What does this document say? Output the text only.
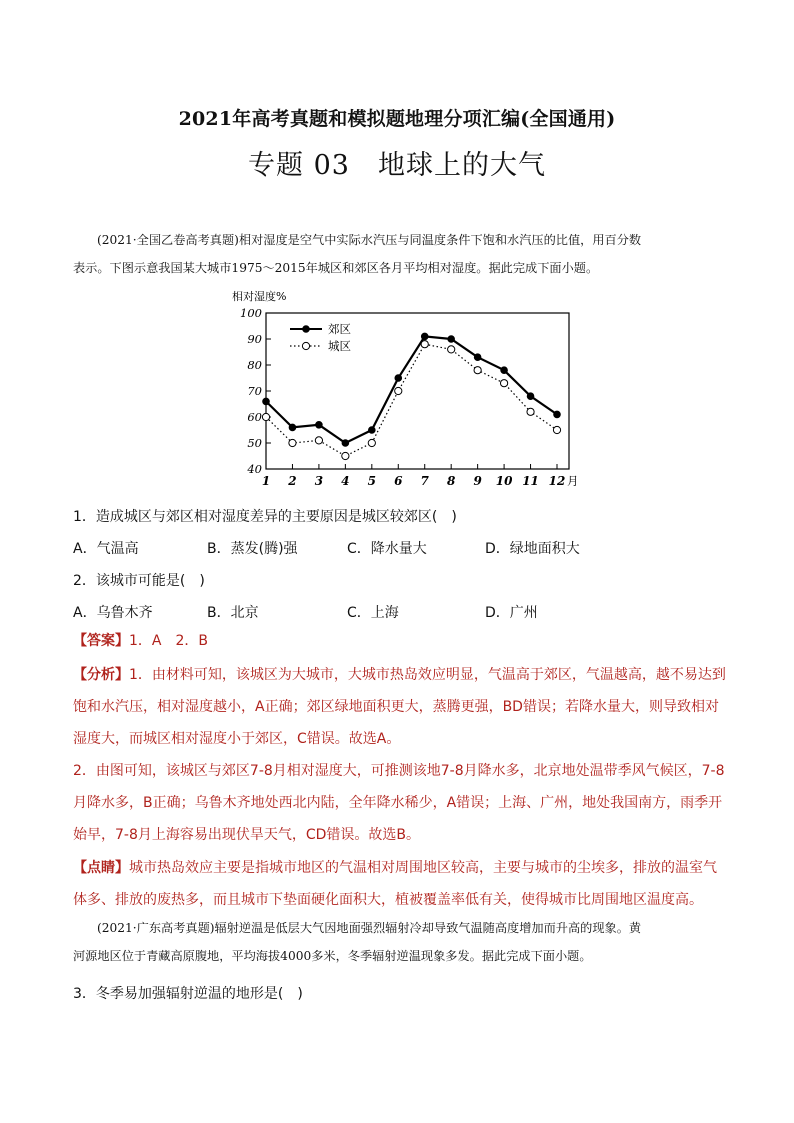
2021年高考真题和模拟题地理分项汇编(全国通用)
专题 03　 地球上的大气
(2021·全国乙卷高考真题)相对湿度是空气中实际水汽压与同温度条件下饱和水汽压的比值，用百分数
表示。下图示意我国某大城市1975～2015年城区和郊区各月平均相对湿度。据此完成下面小题。
相对湿度%
40
50
60
70
80
90
100
1 2 3 4 5 6 7 8 9 10 11 12 月
郊区
城区
1．造成城区与郊区相对湿度差异的主要原因是城区较郊区(　)
A．气温高	B．蒸发(腾)强	C．降水量大	D．绿地面积大
2．该城市可能是(　)
A．乌鲁木齐	B．北京	C．上海	D．广州
【答案】1．A　2．B
【分析】1．由材料可知，该城区为大城市，大城市热岛效应明显，气温高于郊区，气温越高，越不易达到
饱和水汽压，相对湿度越小，A正确；郊区绿地面积更大，蒸腾更强，BD错误；若降水量大，则导致相对
湿度大，而城区相对湿度小于郊区，C错误。故选A。
2．由图可知，该城区与郊区7-8月相对湿度大，可推测该地7-8月降水多，北京地处温带季风气候区，7-8
月降水多，B正确；乌鲁木齐地处西北内陆，全年降水稀少，A错误；上海、广州，地处我国南方，雨季开
始早，7-8月上海容易出现伏旱天气，CD错误。故选B。
【点睛】城市热岛效应主要是指城市地区的气温相对周围地区较高，主要与城市的尘埃多，排放的温室气
体多、排放的废热多，而且城市下垫面硬化面积大，植被覆盖率低有关，使得城市比周围地区温度高。
(2021·广东高考真题)辐射逆温是低层大气因地面强烈辐射冷却导致气温随高度增加而升高的现象。黄
河源地区位于青藏高原腹地，平均海拔4000多米，冬季辐射逆温现象多发。据此完成下面小题。
3．冬季易加强辐射逆温的地形是(　)
